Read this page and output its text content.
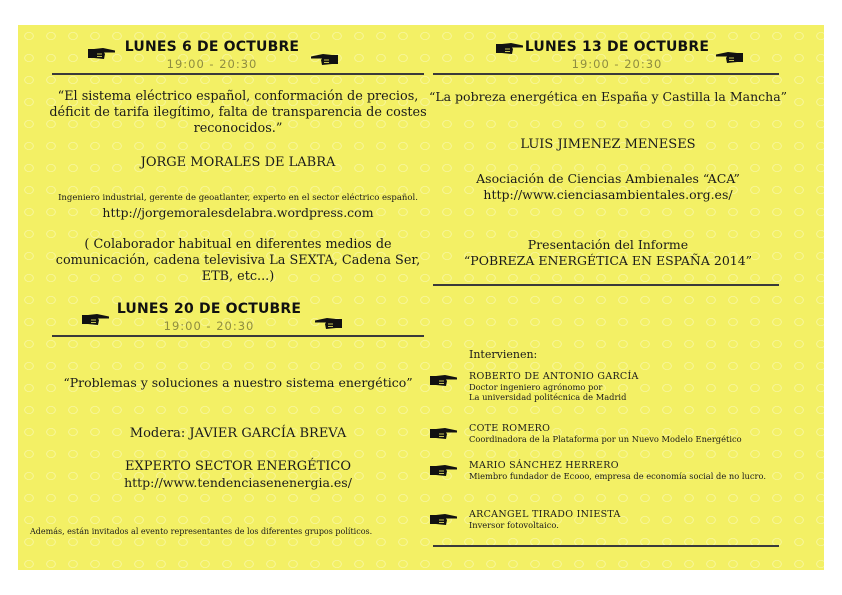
LUNES 6 DE OCTUBRE
19:00 - 20:30
“El sistema eléctrico español, conformación de precios, déficit de tarifa ilegítimo, falta de transparencia de costes reconocidos.”
JORGE MORALES DE LABRA
Ingeniero industrial, gerente de geoatlanter, experto en el sector eléctrico español.
http://jorgemoralesdelabra.wordpress.com
( Colaborador habitual en diferentes medios de comunicación, cadena televisiva La SEXTA, Cadena Ser, ETB, etc...)
LUNES 13 DE OCTUBRE
19:00 - 20:30
“La pobreza energética en España y Castilla la Mancha”
LUIS JIMENEZ MENESES
Asociación de Ciencias Ambienales “ACA”
http://www.cienciasambientales.org.es/
Presentación del Informe
“POBREZA ENERGÉTICA EN ESPAÑA 2014”
LUNES 20 DE OCTUBRE
19:00 - 20:30
“Problemas y soluciones a nuestro sistema energético”
Modera: JAVIER GARCÍA BREVA
EXPERTO SECTOR ENERGÉTICO
http://www.tendenciasenenergia.es/
Además, están invitados al evento representantes de los diferentes grupos políticos.
Intervienen:
ROBERTO DE ANTONIO GARCÍA
Doctor ingeniero agrónomo por
La universidad politécnica de Madrid
COTE ROMERO
Coordinadora de la Plataforma por un Nuevo Modelo Energético
MARIO SÁNCHEZ HERRERO
Miembro fundador de Ecooo, empresa de economía social de no lucro.
ARCANGEL TIRADO INIESTA
Inversor fotovoltaico.
